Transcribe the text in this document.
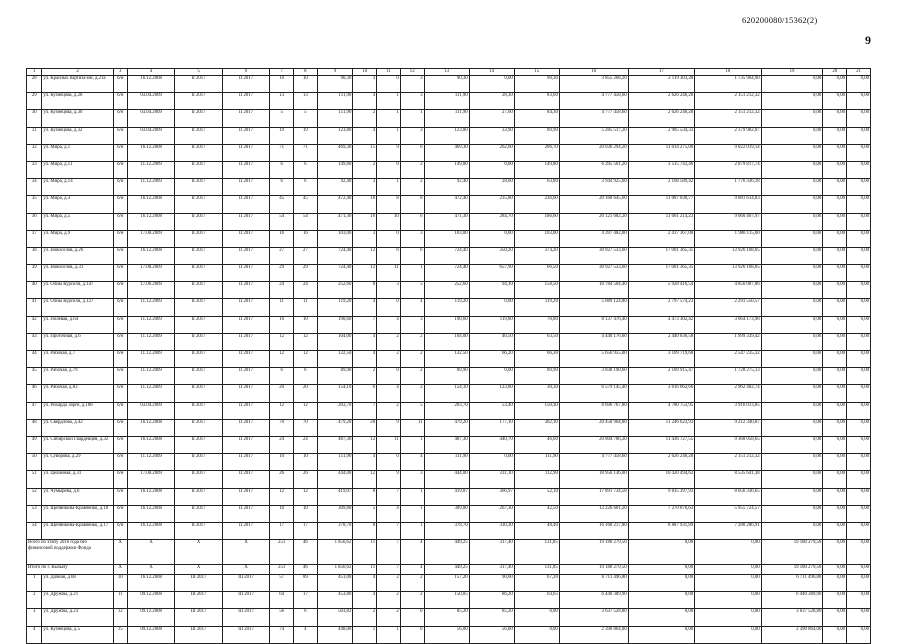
620200080/15362(2)
9
1	2	3	4	5	6	7	8	9	10	11	12	13	14	15	16	17	18	19	20	21
28	ул. Красных партиза-нм, д.21а	б/н	16.12.2008	II 2017	II 2017	10	10	90,30	3	0	3	90,30	0,00	90,30	3 855 268,20	2 119 303,30	1 735 964,90	0,00	0,00	0,00
29	ул. Кузнецова, д.28	б/н	03.04.2009	II 2017	II 2017	13	13	111,90	4	1	3	111,90	28,30	83,60	4 777 458,60	2 626 246,28	2 151 212,32	0,00	0,00	0,00
30	ул. Кузнецова, д.30	б/н	03.04.2009	II 2017	II 2017	5	5	111,90	2	1	1	111,90	27,60	84,30	4 777 458,60	2 626 246,28	2 151 212,32	0,00	0,00	0,00
31	ул. Кузнецова, д.32	б/н	03.04.2009	II 2017	II 2017	19	19	123,80	4	1	3	123,80	33,90	89,90	5 285 517,20	2 905 534,33	2 379 982,87	0,00	0,00	0,00
32	ул. Мира, д.1	б/н	16.12.2008	II 2017	II 2017	71	71	469,30	15	9	6	469,30	262,60	206,70	20 036 294,20	11 014 275,06	9 022 019,14	0,00	0,00	0,00
33	ул. Мира, д.11	б/н	11.12.2009	II 2017	II 2017	6	6	149,80	2	0	2	149,80	0,00	149,80	6 395 561,20	3 515 743,46	2 879 817,74	0,00	0,00	0,00
34	ул. Мира, д.14	б/н	11.12.2009	II 2017	II 2017	6	6	92,40	3	1	2	92,40	28,60	63,80	3 944 925,60	2 168 589,42	1 776 336,18	0,00	0,00	0,00
35	ул. Мира, д.3	б/н	16.12.2008	II 2017	II 2017	45	45	472,40	16	8	8	472,40	235,80	236,60	20 168 645,60	11 087 030,77	9 081 614,83	0,00	0,00	0,00
36	ул. Мира, д.5	б/н	16.12.2008	II 2017	II 2017	54	54	471,30	16	10	6	471,30	284,70	186,60	20 121 682,20	11 061 214,23	9 060 467,97	0,00	0,00	0,00
37	ул. Мира, д.9	б/н	17.08.2009	II 2017	II 2017	16	16	103,00	3	0	3	103,00	0,00	103,00	4 397 482,00	2 417 367,00	1 980 115,00	0,00	0,00	0,00
38	ул. Новоселов, д.26	б/н	16.12.2008	II 2017	II 2017	27	27	724,40	12	6	6	724,40	350,20	374,20	30 927 533,60	17 001 365,35	13 926 168,05	0,00	0,00	0,00
39	ул. Новоселов, д.31	б/н	17.08.2009	II 2017	II 2017	29	29	724,40	12	11	1	724,40	657,90	66,50	30 927 533,60	17 001 365,35	13 926 168,05	0,00	0,00	0,00
40	ул. Олны Курсели, д.147	б/н	17.06.2009	II 2017	II 2017	24	24	252,60	8	3	5	252,60	94,10	158,50	10 784 504,40	5 928 416,54	4 856 087,86	0,00	0,00	0,00
41	ул. Олны Курсели, д.127	б/н	11.12.2009	II 2017	II 2017	11	11	119,20	4	0	4	119,20	0,00	119,20	5 089 124,80	2 797 574,23	2 291 550,57	0,00	0,00	0,00
42	ул. Полевая, д.64	б/н	11.12.2009	II 2017	II 2017	10	10	190,60	7	4	3	190,60	119,80	70,80	8 137 476,40	4 473 302,42	3 664 173,98	0,00	0,00	0,00
43	ул. Проточная, д.6	б/н	11.12.2009	II 2017	II 2017	12	12	104,00	4	2	2	104,00	40,50	63,50	4 440 176,00	2 440 836,58	1 999 339,42	0,00	0,00	0,00
44	ул. Рабочая, д.7	б/н	11.12.2009	II 2017	II 2017	12	12	132,50	4	2	2	132,50	66,20	66,30	5 656 955,00	3 109 719,68	2 547 235,32	0,00	0,00	0,00
45	ул. Рабочая, д.79	б/н	11.12.2009	II 2017	II 2017	6	6	89,90	2	0	2	89,90	0,00	89,90	3 838 190,60	2 109 915,47	1 728 275,13	0,00	0,00	0,00
46	ул. Рабочая, д.83	б/н	11.12.2009	II 2017	II 2017	20	20	154,10	6	4	2	154,10	123,80	30,30	6 579 145,40	3 616 662,66	2 962 482,74	0,00	0,00	0,00
47	ул. Рихарда Зорге, д.188	б/н	03.04.2009	II 2017	II 2017	12	12	203,70	7	2	5	203,70	53,40	150,30	8 696 767,80	4 780 753,95	3 916 013,85	0,00	0,00	0,00
48	ул. Свердлова, д.42	б/н	16.12.2008	II 2017	II 2017	70	70	479,20	20	9	11	479,20	177,10	302,10	20 458 964,80	11 246 623,93	9 212 340,87	0,00	0,00	0,00
49	ул. Сибирской Гвардейцев, д.32	б/н	16.12.2008	II 2017	II 2017	24	24	487,30	12	11	1	487,30	440,70	46,60	20 804 786,20	11 436 727,55	9 368 058,65	0,00	0,00	0,00
50	ул. Суворова, д.29	б/н	11.12.2009	II 2017	II 2017	10	10	111,90	4	0	4	111,90	0,00	111,90	4 777 458,60	2 626 246,28	2 151 212,32	0,00	0,00	0,00
51	ул. Целинная, д.31	б/н	17.08.2009	II 2017	II 2017	26	26	444,00	12	9	3	444,00	331,10	112,90	18 956 136,00	10 420 494,62	8 535 641,38	0,00	0,00	0,00
52	ул. Чумырева, д.6	б/н	16.12.2008	II 2017	II 2017	12	12	419,07	8	7	1	419,07	366,97	52,10	17 891 734,58	9 835 397,93	8 056 336,65	0,00	0,00	0,00
53	ул. Щепянкина-Кравченко, д.10	б/н	16.12.2008	II 2017	II 2017	10	10	309,80	5	4	1	309,80	267,30	42,50	13 226 601,20	7 270 876,63	5 955 724,57	0,00	0,00	0,00
54	ул. Щепянкина-Кравченко, д.17	б/н	16.12.2008	II 2017	II 2017	17	17	378,70	8	7	1	378,70	330,30	48,40	16 168 217,80	8 887 931,89	7 280 286,91	0,00	0,00	0,00
Всего по этапу 2016 года без финансовой поддержки Фонда		X	X	X	X	251	46	1 856,62	11	7	4	449,25	317,40	131,85	19 180 279,50	0,00	0,00	19 180 279,50	0,00	0,00
Итого по г. Кызылу		X	X	X	X	251	46	1 856,62	11	7	4	449,25	317,40	131,85	19 180 279,50	0,00	0,00	19 180 279,50	0,00	0,00
1	ул. Дачная, д.68	10	16.12.2008	III 2017	III 2017	57	89	451,00	4	2	2	157,20	90,00	67,20	6 711 496,80	0,00	0,00	6 711 496,80	0,00	0,00
2	ул. Дружбы, д.21	11	09.12.2008	III 2017	III 2017	64	17	453,80	4	2	2	150,85	86,20	64,65	6 440 389,90	0,00	0,00	6 440 389,90	0,00	0,00
3	ул. Дружбы, д.23	12	09.12.2008	III 2017	III 2017	56	6	503,82	2	2	0	85,20	85,20	0,00	3 637 528,80	0,00	0,00	3 637 528,80	0,00	0,00
4	ул. Кузнецова, д.5	15	09.12.2008	III 2017	III 2017	74	4	448,00	1	1	0	56,00	56,00	0,00	2 390 864,00	0,00	0,00	2 390 864,00	0,00	0,00
